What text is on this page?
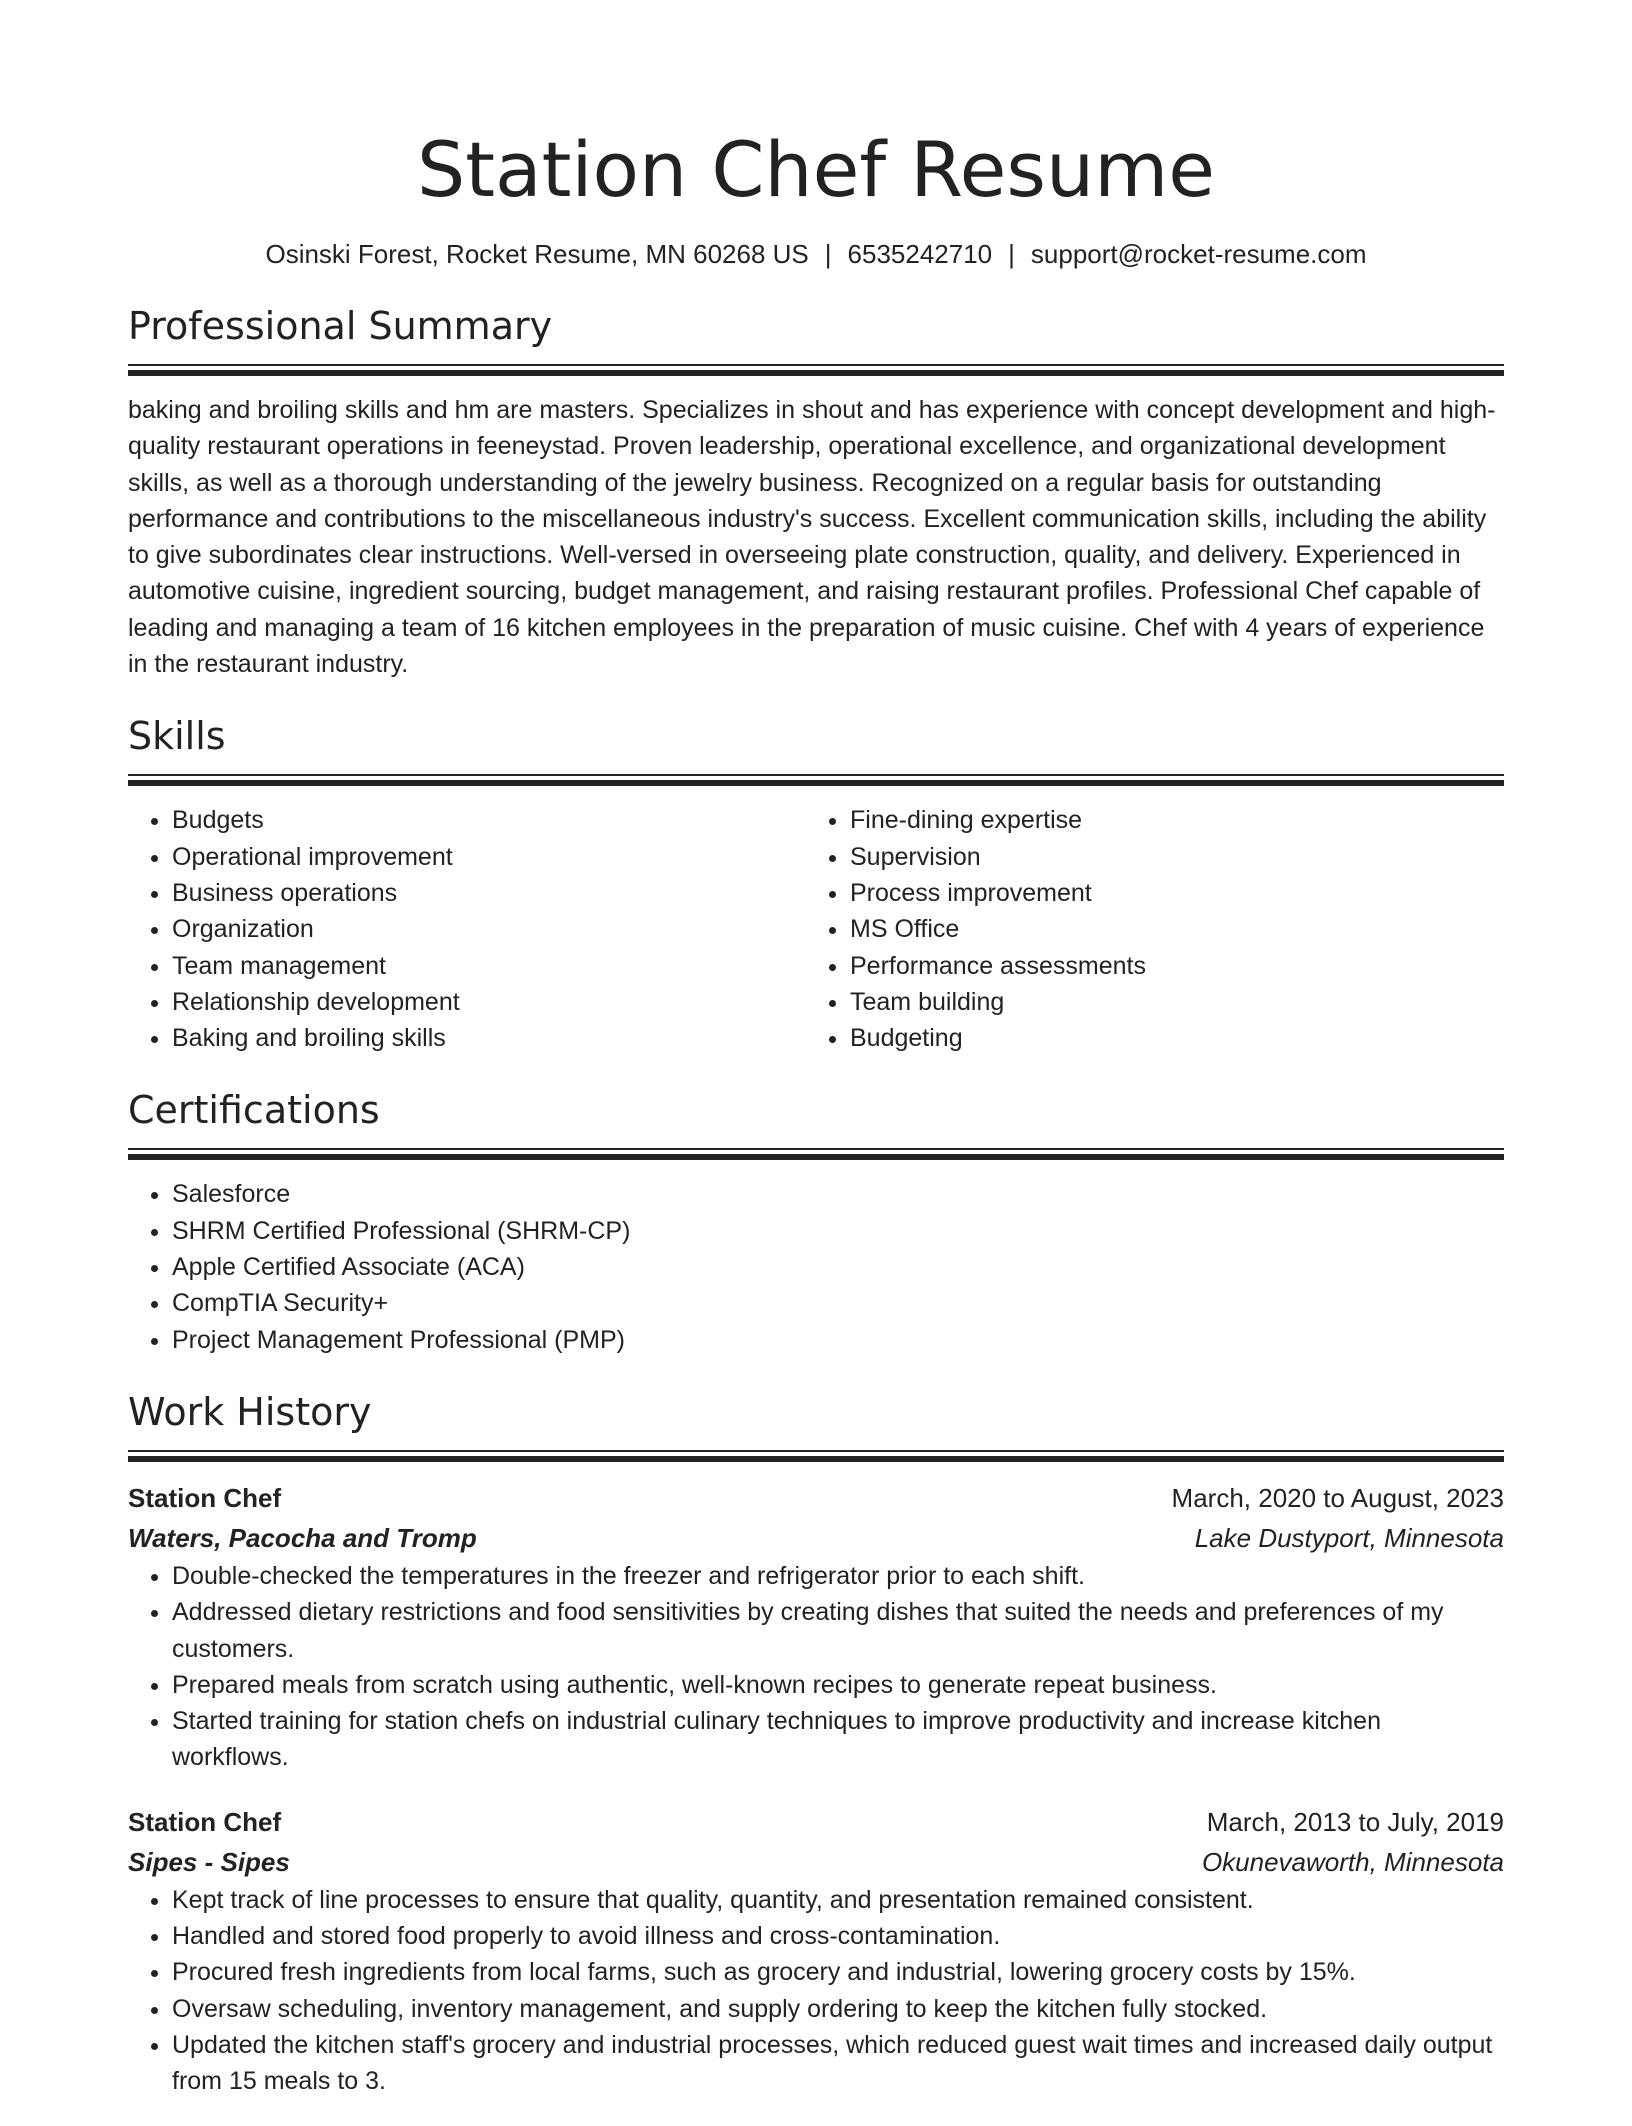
Station Chef Resume
Osinski Forest, Rocket Resume, MN 60268 US | 6535242710 | support@rocket-resume.com
Professional Summary

baking and broiling skills and hm are masters. Specializes in shout and has experience with concept development and high-quality restaurant operations in feeneystad. Proven leadership, operational excellence, and organizational development skills, as well as a thorough understanding of the jewelry business. Recognized on a regular basis for outstanding performance and contributions to the miscellaneous industry's success. Excellent communication skills, including the ability to give subordinates clear instructions. Well-versed in overseeing plate construction, quality, and delivery. Experienced in automotive cuisine, ingredient sourcing, budget management, and raising restaurant profiles. Professional Chef capable of leading and managing a team of 16 kitchen employees in the preparation of music cuisine. Chef with 4 years of experience in the restaurant industry.

Skills
• Budgets
• Operational improvement
• Business operations
• Organization
• Team management
• Relationship development
• Baking and broiling skills
• Fine-dining expertise
• Supervision
• Process improvement
• MS Office
• Performance assessments
• Team building
• Budgeting
Certifications
• Salesforce
• SHRM Certified Professional (SHRM-CP)
• Apple Certified Associate (ACA)
• CompTIA Security+
• Project Management Professional (PMP)
Work History
Station Chef	March, 2020 to August, 2023
Waters, Pacocha and Tromp	Lake Dustyport, Minnesota
• Double-checked the temperatures in the freezer and refrigerator prior to each shift.
• Addressed dietary restrictions and food sensitivities by creating dishes that suited the needs and preferences of my customers.
• Prepared meals from scratch using authentic, well-known recipes to generate repeat business.
• Started training for station chefs on industrial culinary techniques to improve productivity and increase kitchen workflows.
Station Chef	March, 2013 to July, 2019
Sipes - Sipes	Okunevaworth, Minnesota
• Kept track of line processes to ensure that quality, quantity, and presentation remained consistent.
• Handled and stored food properly to avoid illness and cross-contamination.
• Procured fresh ingredients from local farms, such as grocery and industrial, lowering grocery costs by 15%.
• Oversaw scheduling, inventory management, and supply ordering to keep the kitchen fully stocked.
• Updated the kitchen staff's grocery and industrial processes, which reduced guest wait times and increased daily output from 15 meals to 3.
